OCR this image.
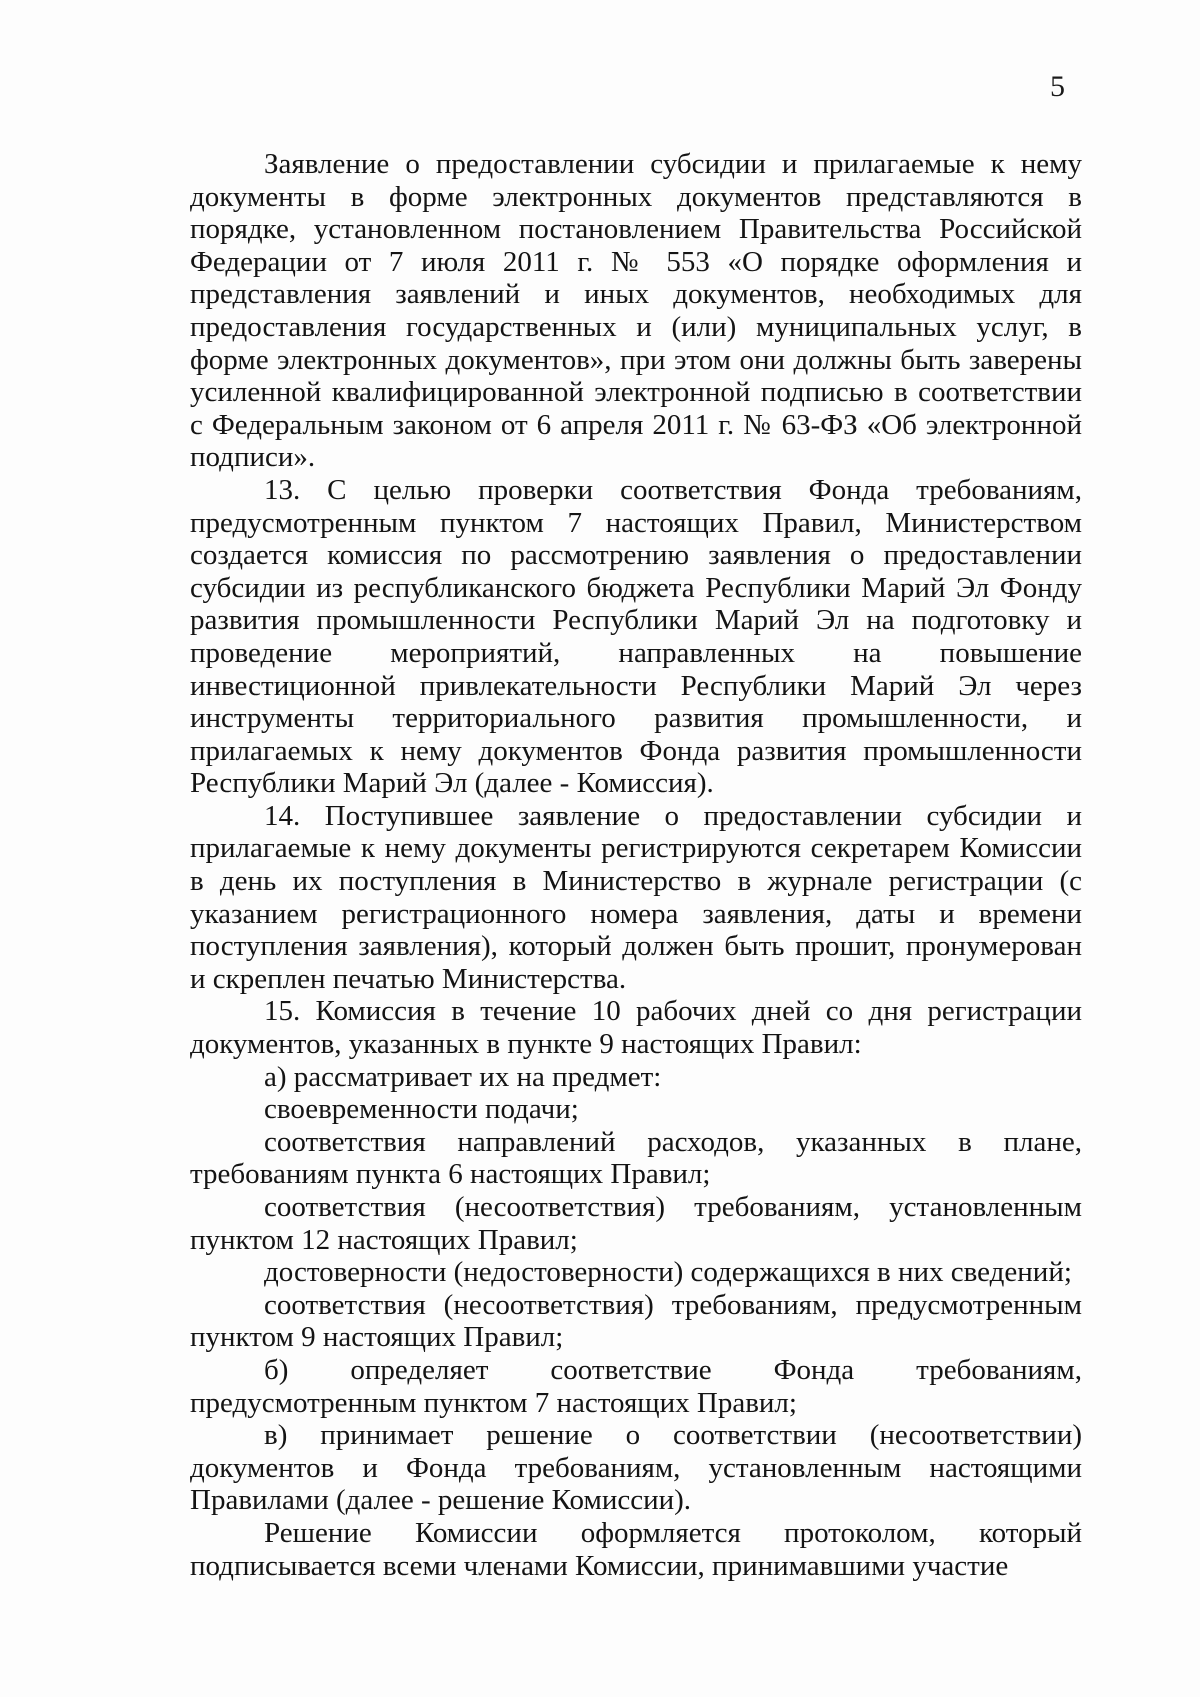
5

Заявление о предоставлении субсидии и прилагаемые к нему документы в форме электронных документов представляются в порядке, установленном постановлением Правительства Российской Федерации от 7 июля 2011 г. № 553 «О порядке оформления и представления заявлений и иных документов, необходимых для предоставления государственных и (или) муниципальных услуг, в форме электронных документов», при этом они должны быть заверены усиленной квалифицированной электронной подписью в соответствии с Федеральным законом от 6 апреля 2011 г. № 63-ФЗ «Об электронной подписи».

13. С целью проверки соответствия Фонда требованиям, предусмотренным пунктом 7 настоящих Правил, Министерством создается комиссия по рассмотрению заявления о предоставлении субсидии из республиканского бюджета Республики Марий Эл Фонду развития промышленности Республики Марий Эл на подготовку и проведение мероприятий, направленных на повышение инвестиционной привлекательности Республики Марий Эл через инструменты территориального развития промышленности, и прилагаемых к нему документов Фонда развития промышленности Республики Марий Эл (далее - Комиссия).

14. Поступившее заявление о предоставлении субсидии и прилагаемые к нему документы регистрируются секретарем Комиссии в день их поступления в Министерство в журнале регистрации (с указанием регистрационного номера заявления, даты и времени поступления заявления), который должен быть прошит, пронумерован и скреплен печатью Министерства.

15. Комиссия в течение 10 рабочих дней со дня регистрации документов, указанных в пункте 9 настоящих Правил:

а) рассматривает их на предмет:

своевременности подачи;

соответствия направлений расходов, указанных в плане, требованиям пункта 6 настоящих Правил;

соответствия (несоответствия) требованиям, установленным пунктом 12 настоящих Правил;

достоверности (недостоверности) содержащихся в них сведений;

соответствия (несоответствия) требованиям, предусмотренным пунктом 9 настоящих Правил;

б) определяет соответствие Фонда требованиям, предусмотренным пунктом 7 настоящих Правил;

в) принимает решение о соответствии (несоответствии) документов и Фонда требованиям, установленным настоящими Правилами (далее - решение Комиссии).

Решение Комиссии оформляется протоколом, который подписывается всеми членами Комиссии, принимавшими участие
